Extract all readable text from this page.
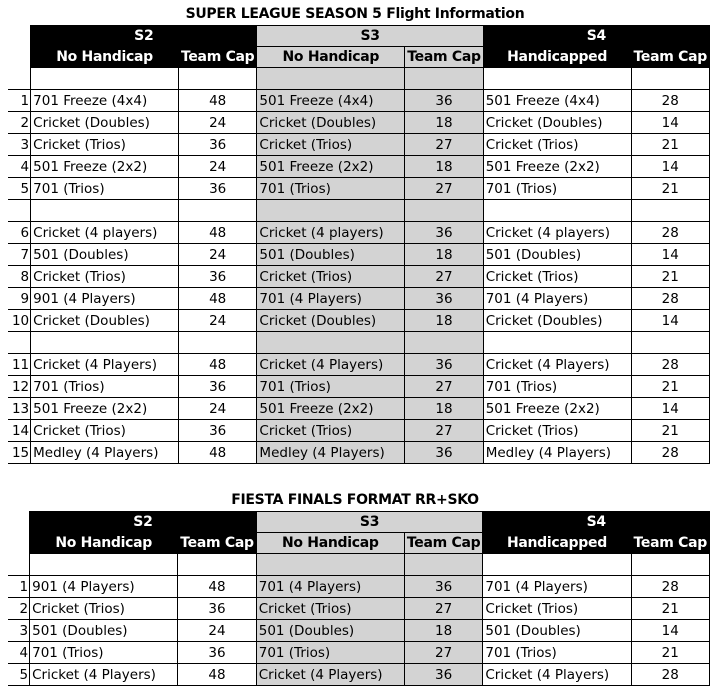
SUPER LEAGUE SEASON 5 Flight Information
	S2		S3		S4	
	No Handicap	Team Cap	No Handicap	Team Cap	Handicapped	Team Cap

1	701 Freeze (4x4)	48	501 Freeze (4x4)	36	501 Freeze (4x4)	28
2	Cricket (Doubles)	24	Cricket (Doubles)	18	Cricket (Doubles)	14
3	Cricket (Trios)	36	Cricket (Trios)	27	Cricket (Trios)	21
4	501 Freeze (2x2)	24	501 Freeze (2x2)	18	501 Freeze (2x2)	14
5	701 (Trios)	36	701 (Trios)	27	701 (Trios)	21

6	Cricket (4 players)	48	Cricket (4 players)	36	Cricket (4 players)	28
7	501 (Doubles)	24	501 (Doubles)	18	501 (Doubles)	14
8	Cricket (Trios)	36	Cricket (Trios)	27	Cricket (Trios)	21
9	901 (4 Players)	48	701 (4 Players)	36	701 (4 Players)	28
10	Cricket (Doubles)	24	Cricket (Doubles)	18	Cricket (Doubles)	14

11	Cricket (4 Players)	48	Cricket (4 Players)	36	Cricket (4 Players)	28
12	701 (Trios)	36	701 (Trios)	27	701 (Trios)	21
13	501 Freeze (2x2)	24	501 Freeze (2x2)	18	501 Freeze (2x2)	14
14	Cricket (Trios)	36	Cricket (Trios)	27	Cricket (Trios)	21
15	Medley (4 Players)	48	Medley (4 Players)	36	Medley (4 Players)	28
FIESTA FINALS FORMAT RR+SKO
	S2		S3		S4	
	No Handicap	Team Cap	No Handicap	Team Cap	Handicapped	Team Cap

1	901 (4 Players)	48	701 (4 Players)	36	701 (4 Players)	28
2	Cricket (Trios)	36	Cricket (Trios)	27	Cricket (Trios)	21
3	501 (Doubles)	24	501 (Doubles)	18	501 (Doubles)	14
4	701 (Trios)	36	701 (Trios)	27	701 (Trios)	21
5	Cricket (4 Players)	48	Cricket (4 Players)	36	Cricket (4 Players)	28
